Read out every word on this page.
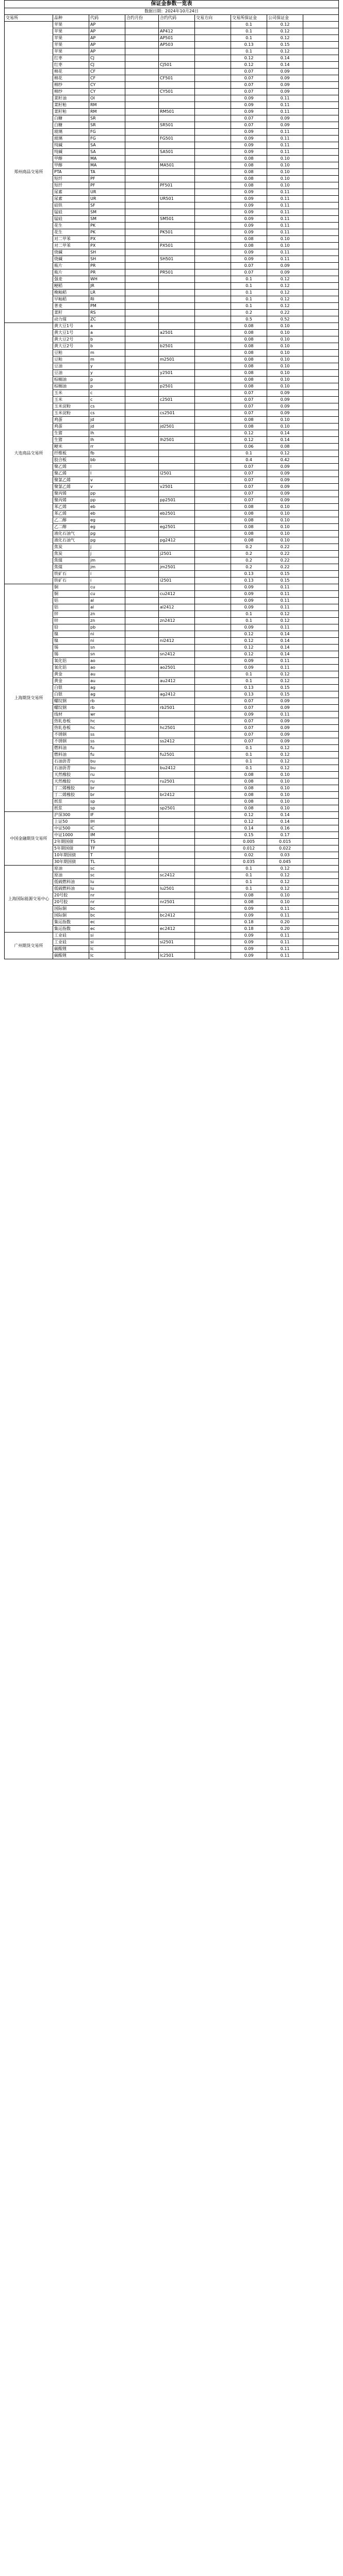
保证金参数一览表								
数据日期：2024年10月24日								
交易所	品种	代码	合约月份	合约代码	交易方向	交易所保证金	公司保证金	
郑州商品交易所	苹果	AP				0.1	0.12	
	苹果	AP		AP412		0.1	0.12	
	苹果	AP		AP501		0.1	0.12	
	苹果	AP		AP503		0.13	0.15	
	苹果	AP				0.1	0.12	
	红枣	CJ				0.12	0.14	
	红枣	CJ		CJ501		0.12	0.14	
	棉花	CF				0.07	0.09	
	棉花	CF		CF501		0.07	0.09	
	棉纱	CY				0.07	0.09	
	棉纱	CY		CY501		0.07	0.09	
	菜籽油	OI				0.09	0.11	
	菜籽粕	RM				0.09	0.11	
	菜籽粕	RM		RM501		0.09	0.11	
	白糖	SR				0.07	0.09	
	白糖	SR		SR501		0.07	0.09	
	玻璃	FG				0.09	0.11	
	玻璃	FG		FG501		0.09	0.11	
	纯碱	SA				0.09	0.11	
	纯碱	SA		SA501		0.09	0.11	
	甲醇	MA				0.08	0.10	
	甲醇	MA		MA501		0.08	0.10	
	PTA	TA				0.08	0.10	
	短纤	PF				0.08	0.10	
	短纤	PF		PF501		0.08	0.10	
	尿素	UR				0.09	0.11	
	尿素	UR		UR501		0.09	0.11	
	硅铁	SF				0.09	0.11	
	锰硅	SM				0.09	0.11	
	锰硅	SM		SM501		0.09	0.11	
	花生	PK				0.09	0.11	
	花生	PK		PK501		0.09	0.11	
	对二甲苯	PX				0.08	0.10	
	对二甲苯	PX		PX501		0.08	0.10	
	烧碱	SH				0.09	0.11	
	烧碱	SH		SH501		0.09	0.11	
	瓶片	PR				0.07	0.09	
	瓶片	PR		PR501		0.07	0.09	
	强麦	WH				0.1	0.12	
	粳稻	JR				0.1	0.12	
	晚籼稻	LR				0.1	0.12	
	早籼稻	RI				0.1	0.12	
	普麦	PM				0.1	0.12	
	菜籽	RS				0.2	0.22	
	动力煤	ZC				0.5	0.52	
大连商品交易所	黄大豆1号	a				0.08	0.10	
	黄大豆1号	a		a2501		0.08	0.10	
	黄大豆2号	b				0.08	0.10	
	黄大豆2号	b		b2501		0.08	0.10	
	豆粕	m				0.08	0.10	
	豆粕	m		m2501		0.08	0.10	
	豆油	y				0.08	0.10	
	豆油	y		y2501		0.08	0.10	
	棕榈油	p				0.08	0.10	
	棕榈油	p		p2501		0.08	0.10	
	玉米	c				0.07	0.09	
	玉米	c		c2501		0.07	0.09	
	玉米淀粉	cs				0.07	0.09	
	玉米淀粉	cs		cs2501		0.07	0.09	
	鸡蛋	jd				0.08	0.10	
	鸡蛋	jd		jd2501		0.08	0.10	
	生猪	lh				0.12	0.14	
	生猪	lh		lh2501		0.12	0.14	
	粳米	rr				0.06	0.08	
	纤维板	fb				0.1	0.12	
	胶合板	bb				0.4	0.42	
	聚乙烯	l				0.07	0.09	
	聚乙烯	l		l2501		0.07	0.09	
	聚氯乙烯	v				0.07	0.09	
	聚氯乙烯	v		v2501		0.07	0.09	
	聚丙烯	pp				0.07	0.09	
	聚丙烯	pp		pp2501		0.07	0.09	
	苯乙烯	eb				0.08	0.10	
	苯乙烯	eb		eb2501		0.08	0.10	
	乙二醇	eg				0.08	0.10	
	乙二醇	eg		eg2501		0.08	0.10	
	液化石油气	pg				0.08	0.10	
	液化石油气	pg		pg2412		0.08	0.10	
	焦炭	j				0.2	0.22	
	焦炭	j		j2501		0.2	0.22	
	焦煤	jm				0.2	0.22	
	焦煤	jm		jm2501		0.2	0.22	
	铁矿石	i				0.13	0.15	
	铁矿石	i		i2501		0.13	0.15	
上海期货交易所	铜	cu				0.09	0.11	
	铜	cu		cu2412		0.09	0.11	
	铝	al				0.09	0.11	
	铝	al		al2412		0.09	0.11	
	锌	zn				0.1	0.12	
	锌	zn		zn2412		0.1	0.12	
	铅	pb				0.09	0.11	
	镍	ni				0.12	0.14	
	镍	ni		ni2412		0.12	0.14	
	锡	sn				0.12	0.14	
	锡	sn		sn2412		0.12	0.14	
	氧化铝	ao				0.09	0.11	
	氧化铝	ao		ao2501		0.09	0.11	
	黄金	au				0.1	0.12	
	黄金	au		au2412		0.1	0.12	
	白银	ag				0.13	0.15	
	白银	ag		ag2412		0.13	0.15	
	螺纹钢	rb				0.07	0.09	
	螺纹钢	rb		rb2501		0.07	0.09	
	线材	wr				0.09	0.11	
	热轧卷板	hc				0.07	0.09	
	热轧卷板	hc		hc2501		0.07	0.09	
	不锈钢	ss				0.07	0.09	
	不锈钢	ss		ss2412		0.07	0.09	
	燃料油	fu				0.1	0.12	
	燃料油	fu		fu2501		0.1	0.12	
	石油沥青	bu				0.1	0.12	
	石油沥青	bu		bu2412		0.1	0.12	
	天然橡胶	ru				0.08	0.10	
	天然橡胶	ru		ru2501		0.08	0.10	
	丁二烯橡胶	br				0.08	0.10	
	丁二烯橡胶	br		br2412		0.08	0.10	
	纸浆	sp				0.08	0.10	
	纸浆	sp		sp2501		0.08	0.10	
中国金融期货交易所	沪深300	IF				0.12	0.14	
	上证50	IH				0.12	0.14	
	中证500	IC				0.14	0.16	
	中证1000	IM				0.15	0.17	
	2年期国债	TS				0.005	0.015	
	5年期国债	TF				0.012	0.022	
	10年期国债	T				0.02	0.03	
	30年期国债	TL				0.035	0.045	
上海国际能源交易中心	原油	sc				0.1	0.12	
	原油	sc		sc2412		0.1	0.12	
	低硫燃料油	lu				0.1	0.12	
	低硫燃料油	lu		lu2501		0.1	0.12	
	20号胶	nr				0.08	0.10	
	20号胶	nr		nr2501		0.08	0.10	
	国际铜	bc				0.09	0.11	
	国际铜	bc		bc2412		0.09	0.11	
	集运指数	ec				0.18	0.20	
	集运指数	ec		ec2412		0.18	0.20	
广州期货交易所	工业硅	si				0.09	0.11	
	工业硅	si		si2501		0.09	0.11	
	碳酸锂	lc				0.09	0.11	
	碳酸锂	lc		lc2501		0.09	0.11	
